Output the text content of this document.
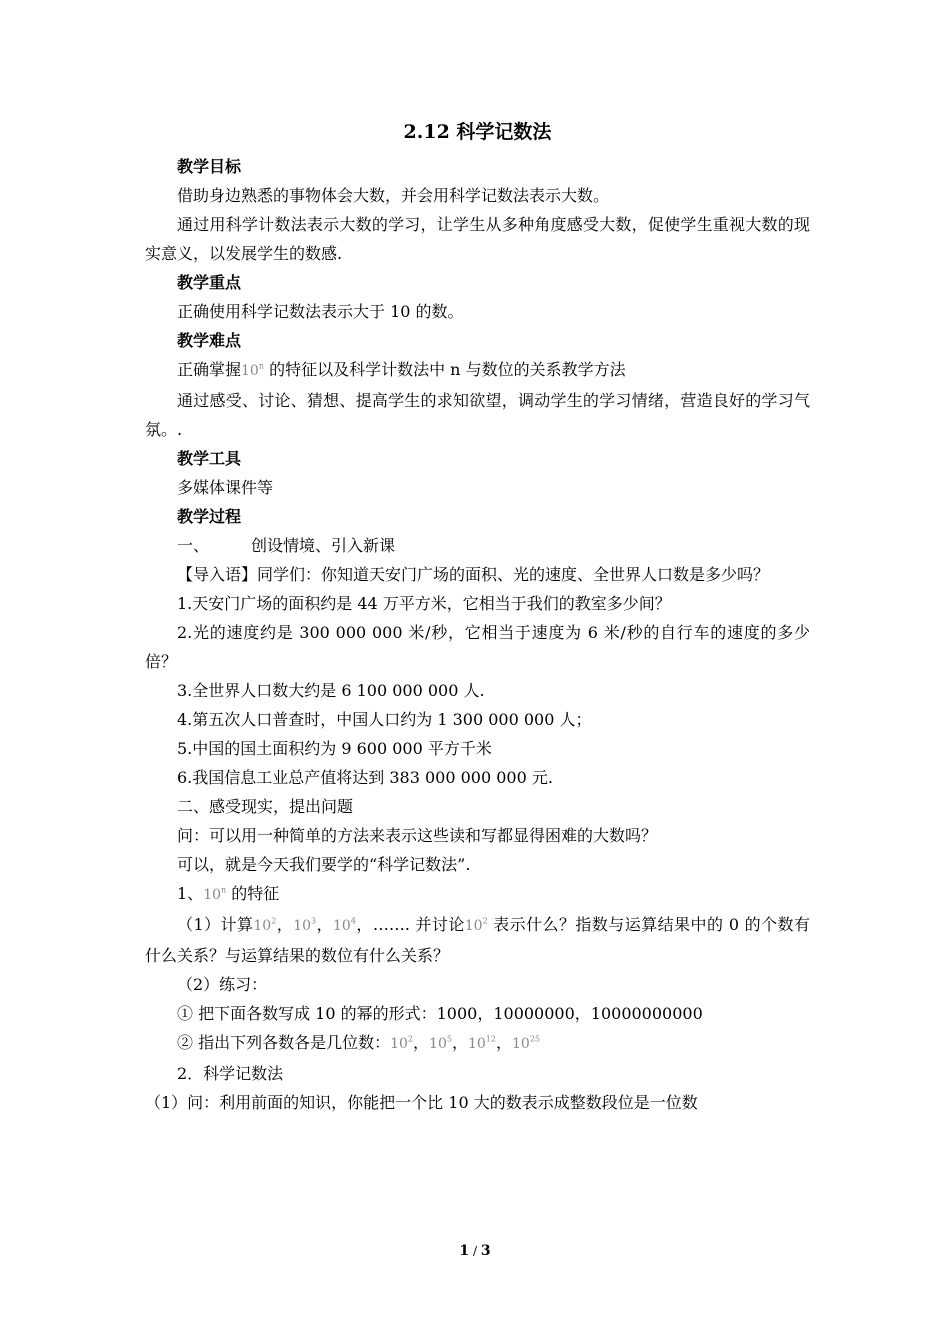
2.12 科学记数法

教学目标

借助身边熟悉的事物体会大数，并会用科学记数法表示大数。

通过用科学计数法表示大数的学习，让学生从多种角度感受大数，促使学生重视大数的现实意义，以发展学生的数感.

教学重点

正确使用科学记数法表示大于 10 的数。

教学难点

正确掌握10$^n$ 的特征以及科学计数法中 n 与数位的关系教学方法

通过感受、讨论、猜想、提高学生的求知欲望，调动学生的学习情绪，营造良好的学习气氛。.

教学工具

多媒体课件等

教学过程

一、	创设情境、引入新课

【导入语】同学们：你知道天安门广场的面积、光的速度、全世界人口数是多少吗？

1.天安门广场的面积约是 44 万平方米，它相当于我们的教室多少间？

2.光的速度约是 300 000 000 米/秒，它相当于速度为 6 米/秒的自行车的速度的多少倍？

3.全世界人口数大约是 6 100 000 000 人.

4.第五次人口普查时，中国人口约为 1 300 000 000 人；

5.中国的国土面积约为 9 600 000 平方千米

6.我国信息工业总产值将达到 383 000 000 000 元.

二、感受现实，提出问题

问：可以用一种简单的方法来表示这些读和写都显得困难的大数吗？

可以，就是今天我们要学的“科学记数法”.

1、10$^n$ 的特征

（1）计算$10^2$，$10^3$，$10^4$，……. 并讨论$10^2$ 表示什么？指数与运算结果中的 0 的个数有什么关系？与运算结果的数位有什么关系？

（2）练习：

① 把下面各数写成 10 的幂的形式：1000，10000000，10000000000

② 指出下列各数各是几位数：$10^2$，$10^5$，$10^{12}$，$10^{25}$

2．科学记数法

（1）问：利用前面的知识，你能把一个比 10 大的数表示成整数段位是一位数

1 / 3
